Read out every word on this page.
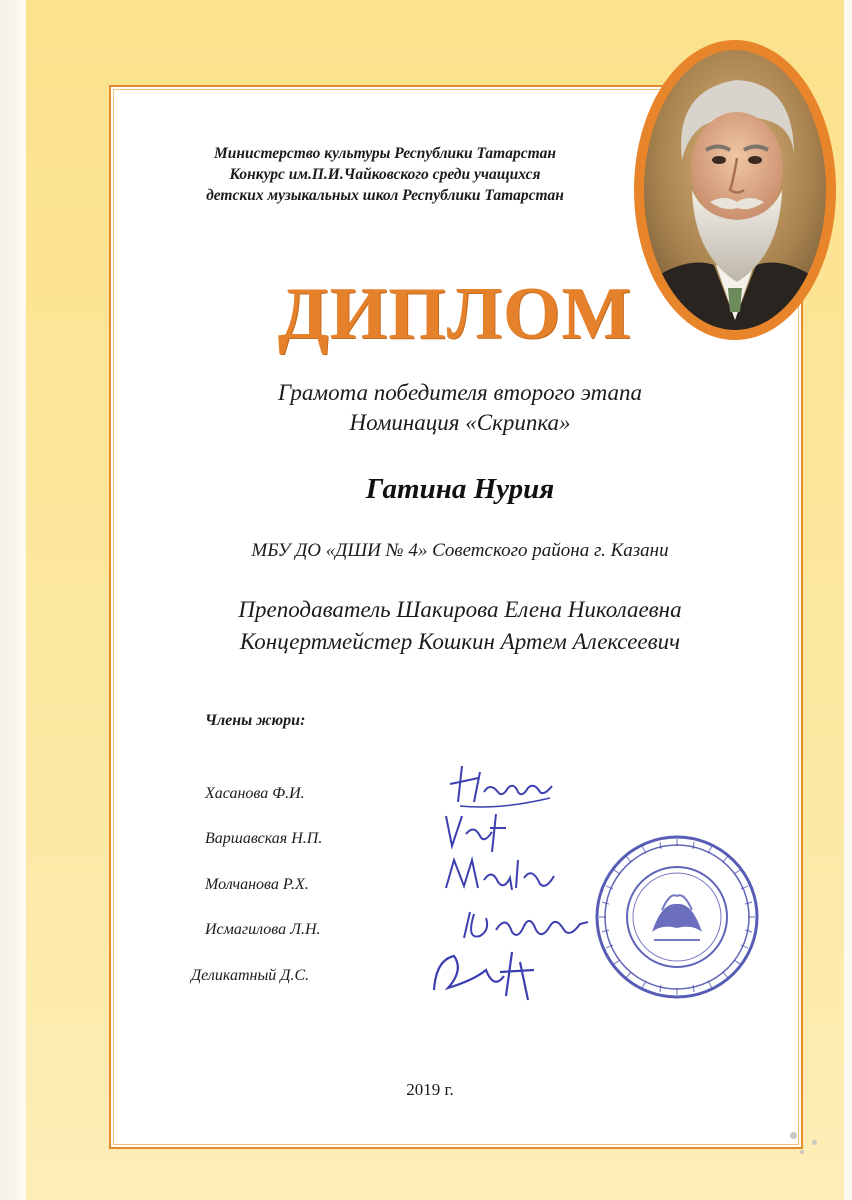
Министерство культуры Республики Татарстан
Конкурс им.П.И.Чайковского среди учащихся
детских музыкальных школ Республики Татарстан
ДИПЛОМ
Грамота победителя второго этапа
Номинация «Скрипка»
Гатина Нурия
МБУ ДО «ДШИ № 4» Советского района г. Казани
Преподаватель Шакирова Елена Николаевна
Концертмейстер Кошкин Артем Алексеевич
Члены жюри:
Хасанова Ф.И.
Варшавская Н.П.
Молчанова Р.Х.
Исмагилова Л.Н.
Деликатный Д.С.
2019 г.
